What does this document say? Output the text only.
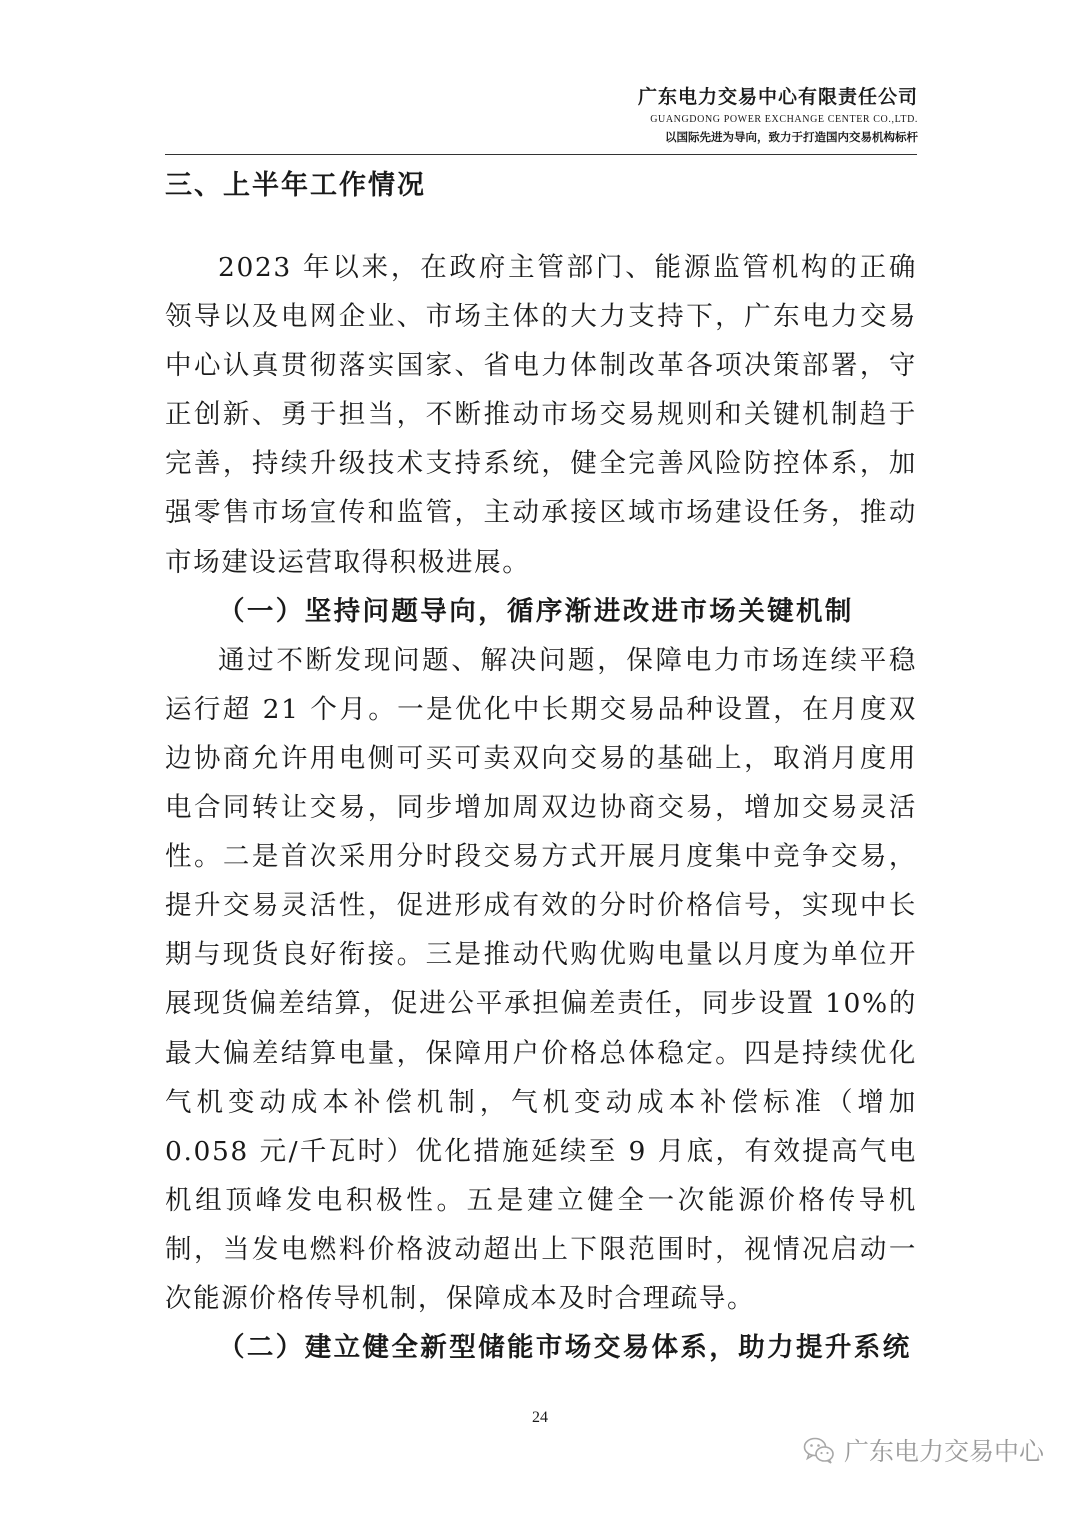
广东电力交易中心有限责任公司
GUANGDONG POWER EXCHANGE CENTER CO.,LTD.
以国际先进为导向，致力于打造国内交易机构标杆
三、上半年工作情况

2023 年以来，在政府主管部门、能源监管机构的正确领导以及电网企业、市场主体的大力支持下，广东电力交易中心认真贯彻落实国家、省电力体制改革各项决策部署，守正创新、勇于担当，不断推动市场交易规则和关键机制趋于完善，持续升级技术支持系统，健全完善风险防控体系，加强零售市场宣传和监管，主动承接区域市场建设任务，推动市场建设运营取得积极进展。

（一）坚持问题导向，循序渐进改进市场关键机制

通过不断发现问题、解决问题，保障电力市场连续平稳运行超 21 个月。一是优化中长期交易品种设置，在月度双边协商允许用电侧可买可卖双向交易的基础上，取消月度用电合同转让交易，同步增加周双边协商交易，增加交易灵活性。二是首次采用分时段交易方式开展月度集中竞争交易，提升交易灵活性，促进形成有效的分时价格信号，实现中长期与现货良好衔接。三是推动代购优购电量以月度为单位开展现货偏差结算，促进公平承担偏差责任，同步设置 10%的最大偏差结算电量，保障用户价格总体稳定。四是持续优化气机变动成本补偿机制，气机变动成本补偿标准（增加 0.058 元/千瓦时）优化措施延续至 9 月底，有效提高气电机组顶峰发电积极性。五是建立健全一次能源价格传导机制，当发电燃料价格波动超出上下限范围时，视情况启动一次能源价格传导机制，保障成本及时合理疏导。

（二）建立健全新型储能市场交易体系，助力提升系统

24
广东电力交易中心
